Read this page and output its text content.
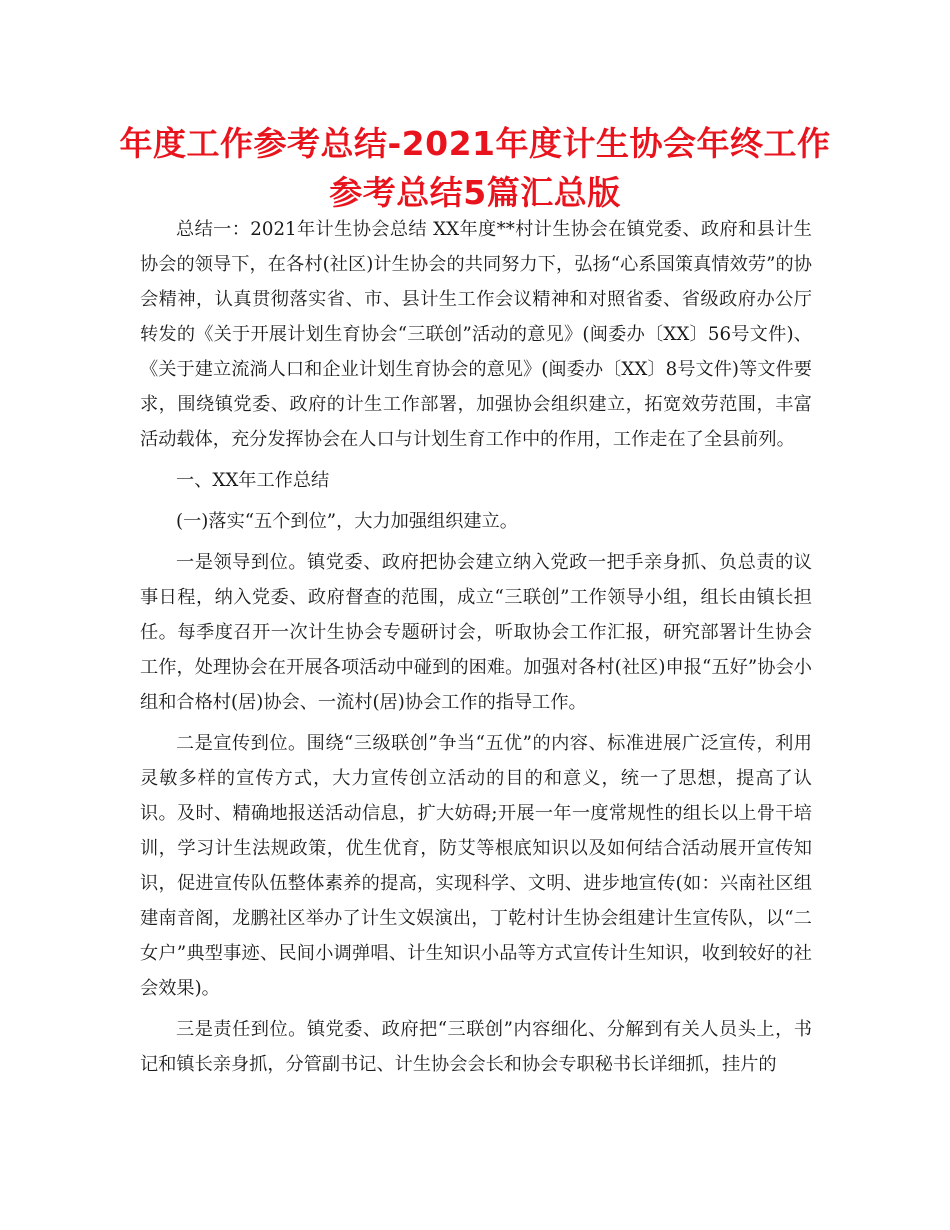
年度工作参考总结-2021年度计生协会年终工作
参考总结5篇汇总版

总结一：2021年计生协会总结 XX年度**村计生协会在镇党委、政府和县计生协会的领导下，在各村(社区)计生协会的共同努力下，弘扬“心系国策真情效劳”的协会精神，认真贯彻落实省、市、县计生工作会议精神和对照省委、省级政府办公厅转发的《关于开展计划生育协会“三联创”活动的意见》(闽委办〔XX〕56号文件)、《关于建立流淌人口和企业计划生育协会的意见》(闽委办〔XX〕8号文件)等文件要求，围绕镇党委、政府的计生工作部署，加强协会组织建立，拓宽效劳范围，丰富活动载体，充分发挥协会在人口与计划生育工作中的作用，工作走在了全县前列。

一、XX年工作总结

(一)落实“五个到位”，大力加强组织建立。

一是领导到位。镇党委、政府把协会建立纳入党政一把手亲身抓、负总责的议事日程，纳入党委、政府督查的范围，成立“三联创”工作领导小组，组长由镇长担任。每季度召开一次计生协会专题研讨会，听取协会工作汇报，研究部署计生协会工作，处理协会在开展各项活动中碰到的困难。加强对各村(社区)申报“五好”协会小组和合格村(居)协会、一流村(居)协会工作的指导工作。

二是宣传到位。围绕“三级联创”争当“五优”的内容、标准进展广泛宣传，利用灵敏多样的宣传方式，大力宣传创立活动的目的和意义，统一了思想，提高了认识。及时、精确地报送活动信息，扩大妨碍;开展一年一度常规性的组长以上骨干培训，学习计生法规政策，优生优育，防艾等根底知识以及如何结合活动展开宣传知识，促进宣传队伍整体素养的提高，实现科学、文明、进步地宣传(如：兴南社区组建南音阁，龙鹏社区举办了计生文娱演出，丁乾村计生协会组建计生宣传队，以“二女户”典型事迹、民间小调弹唱、计生知识小品等方式宣传计生知识，收到较好的社会效果)。

三是责任到位。镇党委、政府把“三联创”内容细化、分解到有关人员头上，书记和镇长亲身抓，分管副书记、计生协会会长和协会专职秘书长详细抓，挂片的
